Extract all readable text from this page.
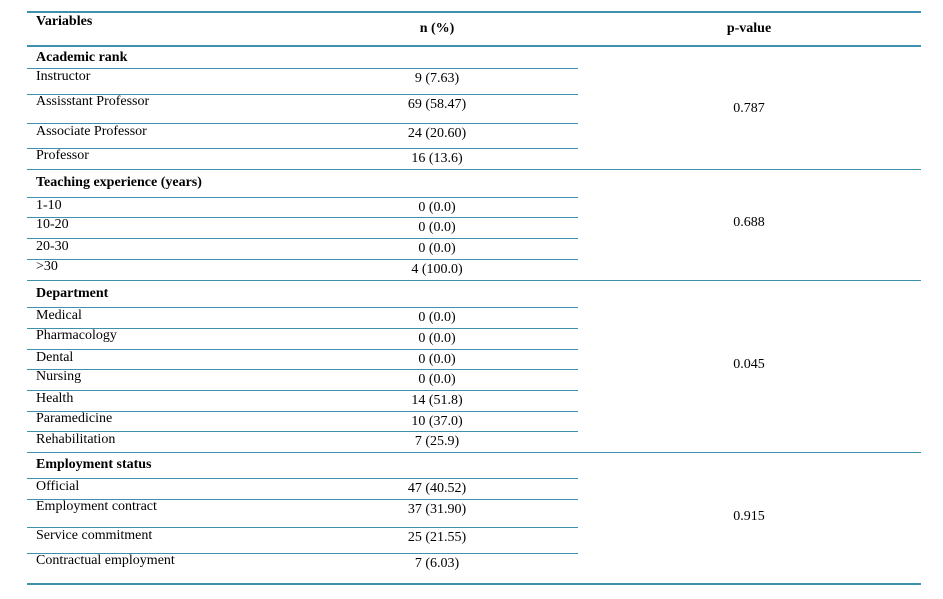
Variables	n (%)	p-value
Academic rank
Instructor	9 (7.63)
Assisstant Professor	69 (58.47)
Associate Professor	24 (20.60)
Professor	16 (13.6)
0.787
Teaching experience (years)
1-10	0 (0.0)
10-20	0 (0.0)
20-30	0 (0.0)
>30	4 (100.0)
0.688
Department
Medical	0 (0.0)
Pharmacology	0 (0.0)
Dental	0 (0.0)
Nursing	0 (0.0)
Health	14 (51.8)
Paramedicine	10 (37.0)
Rehabilitation	7 (25.9)
0.045
Employment status
Official	47 (40.52)
Employment contract	37 (31.90)
Service commitment	25 (21.55)
Contractual employment	7 (6.03)
0.915
